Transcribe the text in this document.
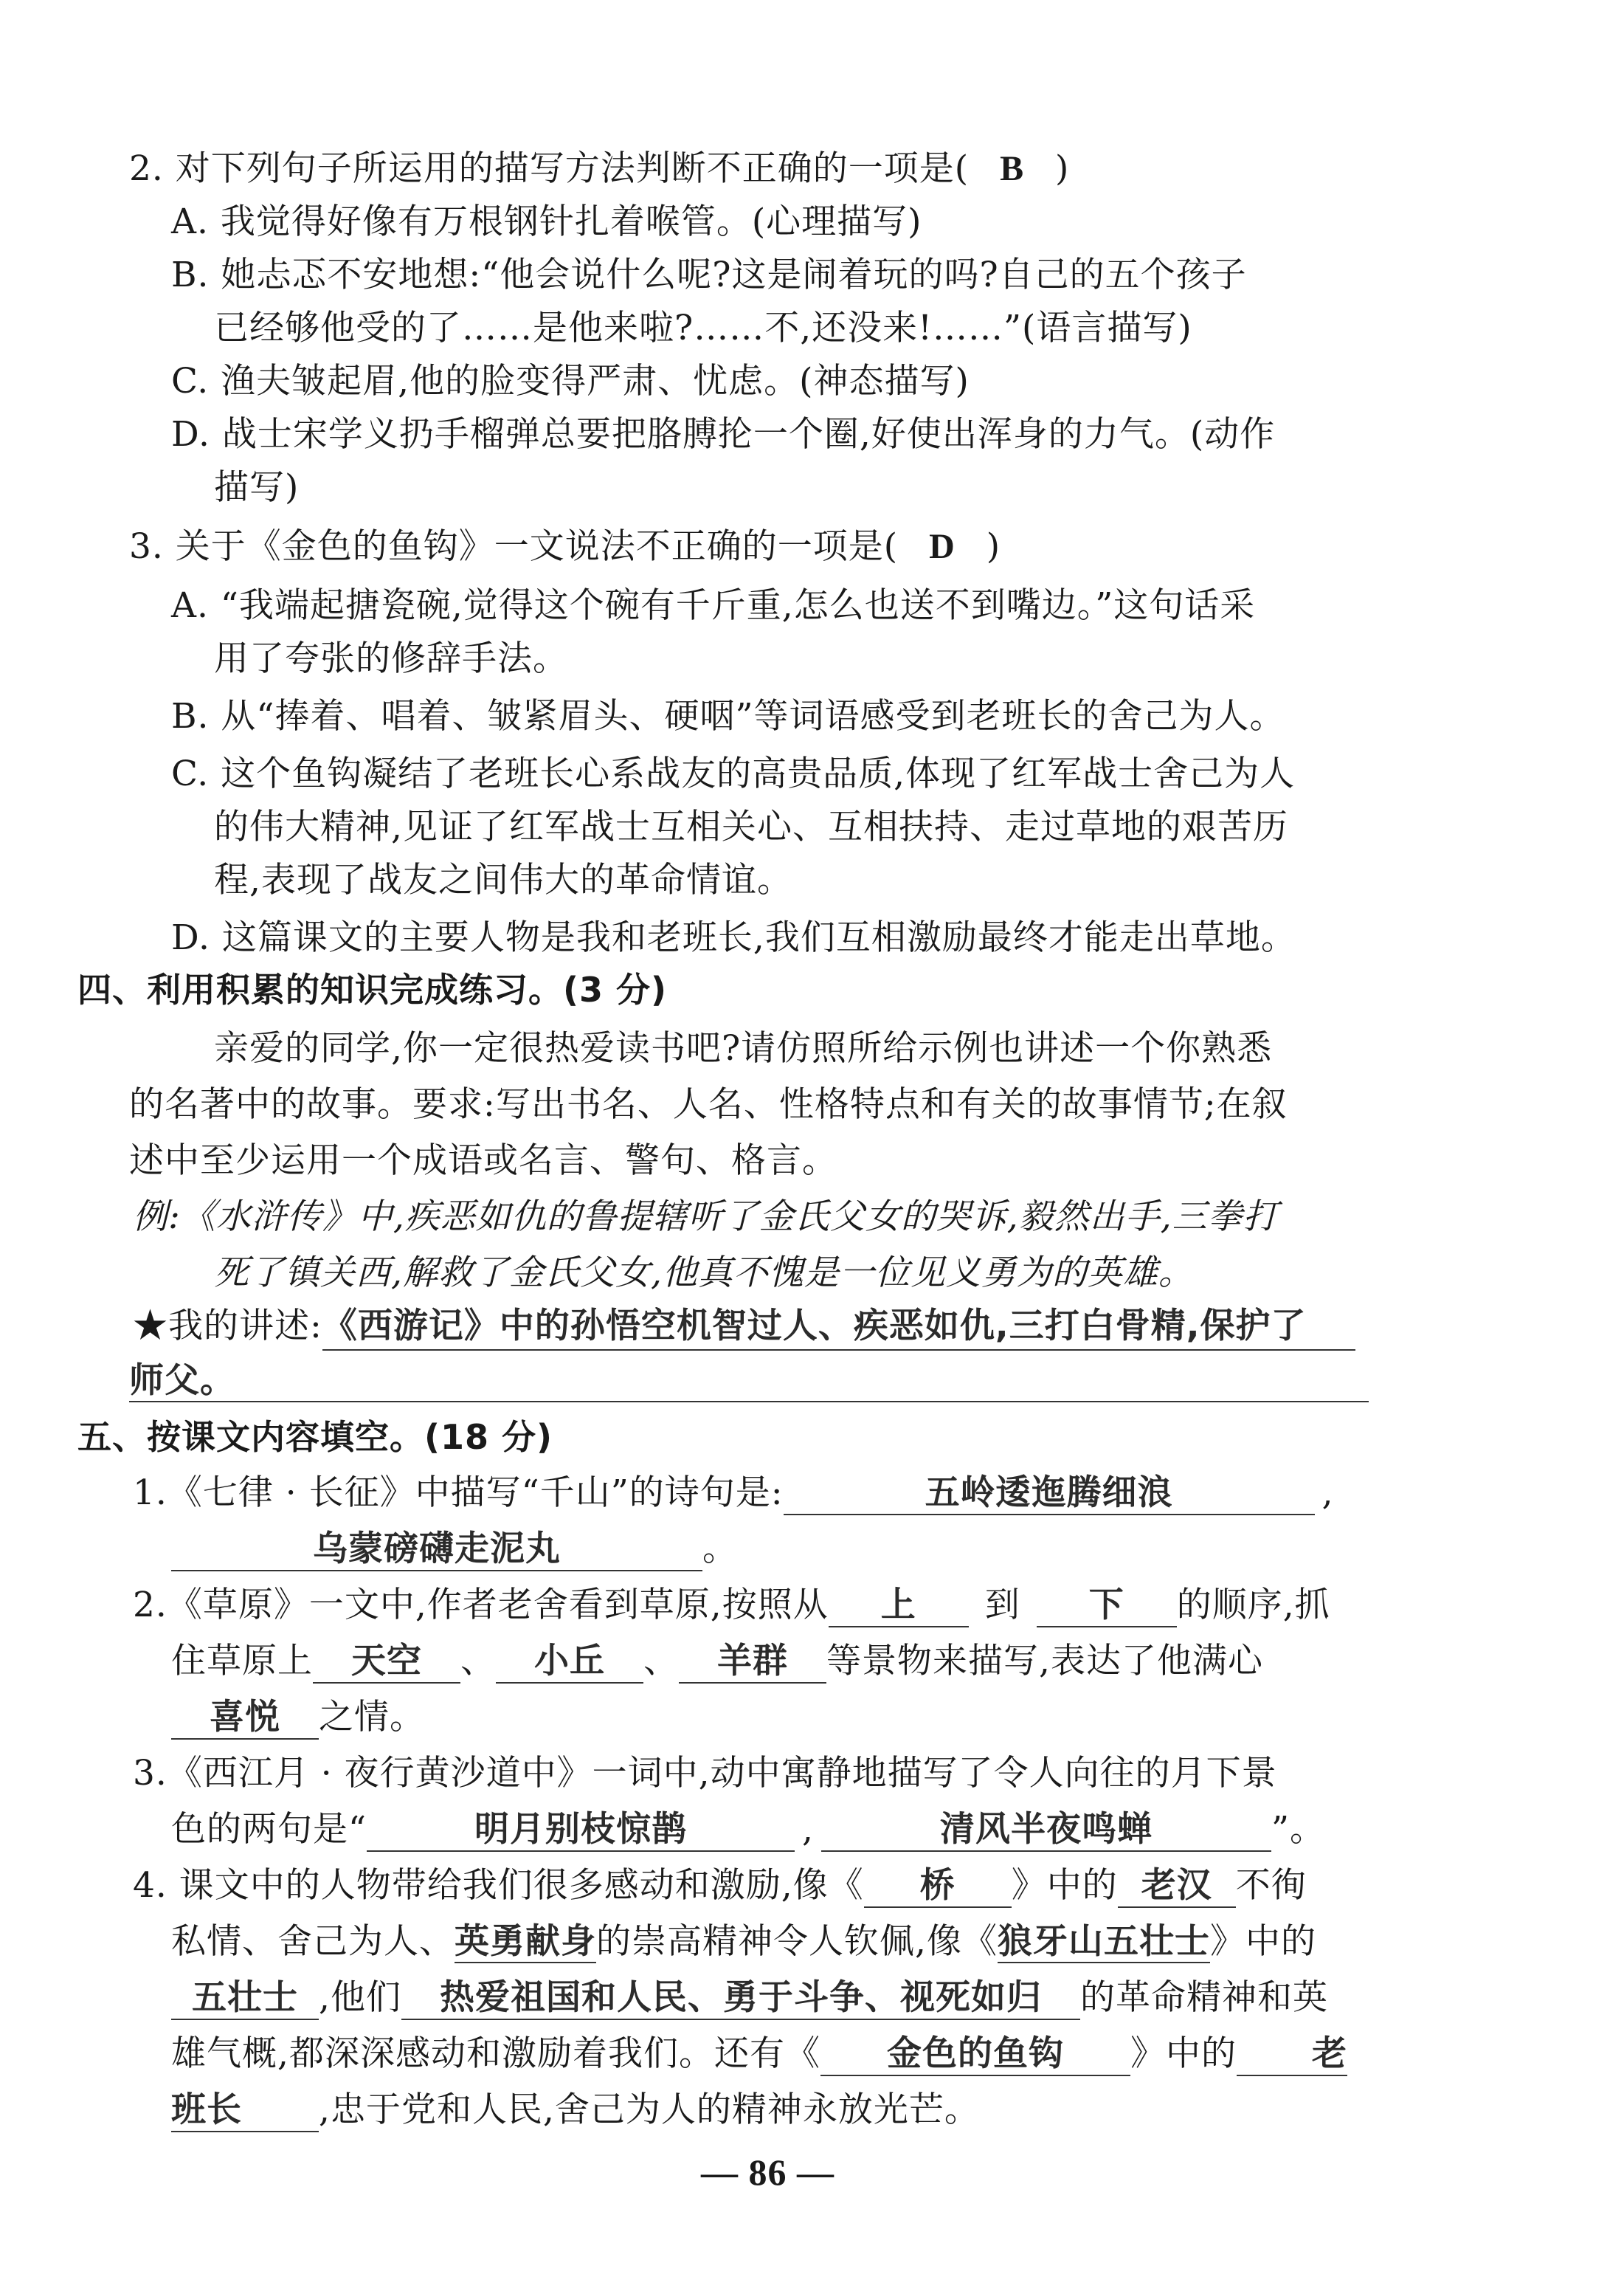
2. 对下列句子所运用的描写方法判断不正确的一项是( B )
A. 我觉得好像有万根钢针扎着喉管。(心理描写)
B. 她忐忑不安地想:“他会说什么呢?这是闹着玩的吗?自己的五个孩子
已经够他受的了……是他来啦?……不,还没来!……”(语言描写)
C. 渔夫皱起眉,他的脸变得严肃、忧虑。(神态描写)
D. 战士宋学义扔手榴弹总要把胳膊抡一个圈,好使出浑身的力气。(动作
描写)
3. 关于《金色的鱼钩》一文说法不正确的一项是( D )
A. “我端起搪瓷碗,觉得这个碗有千斤重,怎么也送不到嘴边。”这句话采
用了夸张的修辞手法。
B. 从“捧着、唱着、皱紧眉头、硬咽”等词语感受到老班长的舍己为人。
C. 这个鱼钩凝结了老班长心系战友的高贵品质,体现了红军战士舍己为人
的伟大精神,见证了红军战士互相关心、互相扶持、走过草地的艰苦历
程,表现了战友之间伟大的革命情谊。
D. 这篇课文的主要人物是我和老班长,我们互相激励最终才能走出草地。
四、利用积累的知识完成练习。(3 分)
亲爱的同学,你一定很热爱读书吧?请仿照所给示例也讲述一个你熟悉
的名著中的故事。要求:写出书名、人名、性格特点和有关的故事情节;在叙
述中至少运用一个成语或名言、警句、格言。
例:《水浒传》中,疾恶如仇的鲁提辖听了金氏父女的哭诉,毅然出手,三拳打
死了镇关西,解救了金氏父女,他真不愧是一位见义勇为的英雄。
★我的讲述:《西游记》中的孙悟空机智过人、疾恶如仇,三打白骨精,保护了
师父。
五、按课文内容填空。(18 分)
1.《七律 · 长征》中描写“千山”的诗句是:	五岭逶迤腾细浪	,
乌蒙磅礴走泥丸	。
2.《草原》一文中,作者老舍看到草原,按照从 上 到 下 的顺序,抓
住草原上 天空 、 小丘 、 羊群 等景物来描写,表达了他满心
喜悦 之情。
3.《西江月 · 夜行黄沙道中》一词中,动中寓静地描写了令人向往的月下景
色的两句是“	明月别枝惊鹊	,	清风半夜鸣蝉	”。
4. 课文中的人物带给我们很多感动和激励,像《 桥 》中的 老汉 不徇
私情、舍己为人、英勇献身的崇高精神令人钦佩,像《狼牙山五壮士》中的
五壮士 ,他们 热爱祖国和人民、勇于斗争、视死如归 的革命精神和英
雄气概,都深深感动和激励着我们。还有《 金色的鱼钩 》中的 老
班长 ,忠于党和人民,舍己为人的精神永放光芒。
— 86 —
